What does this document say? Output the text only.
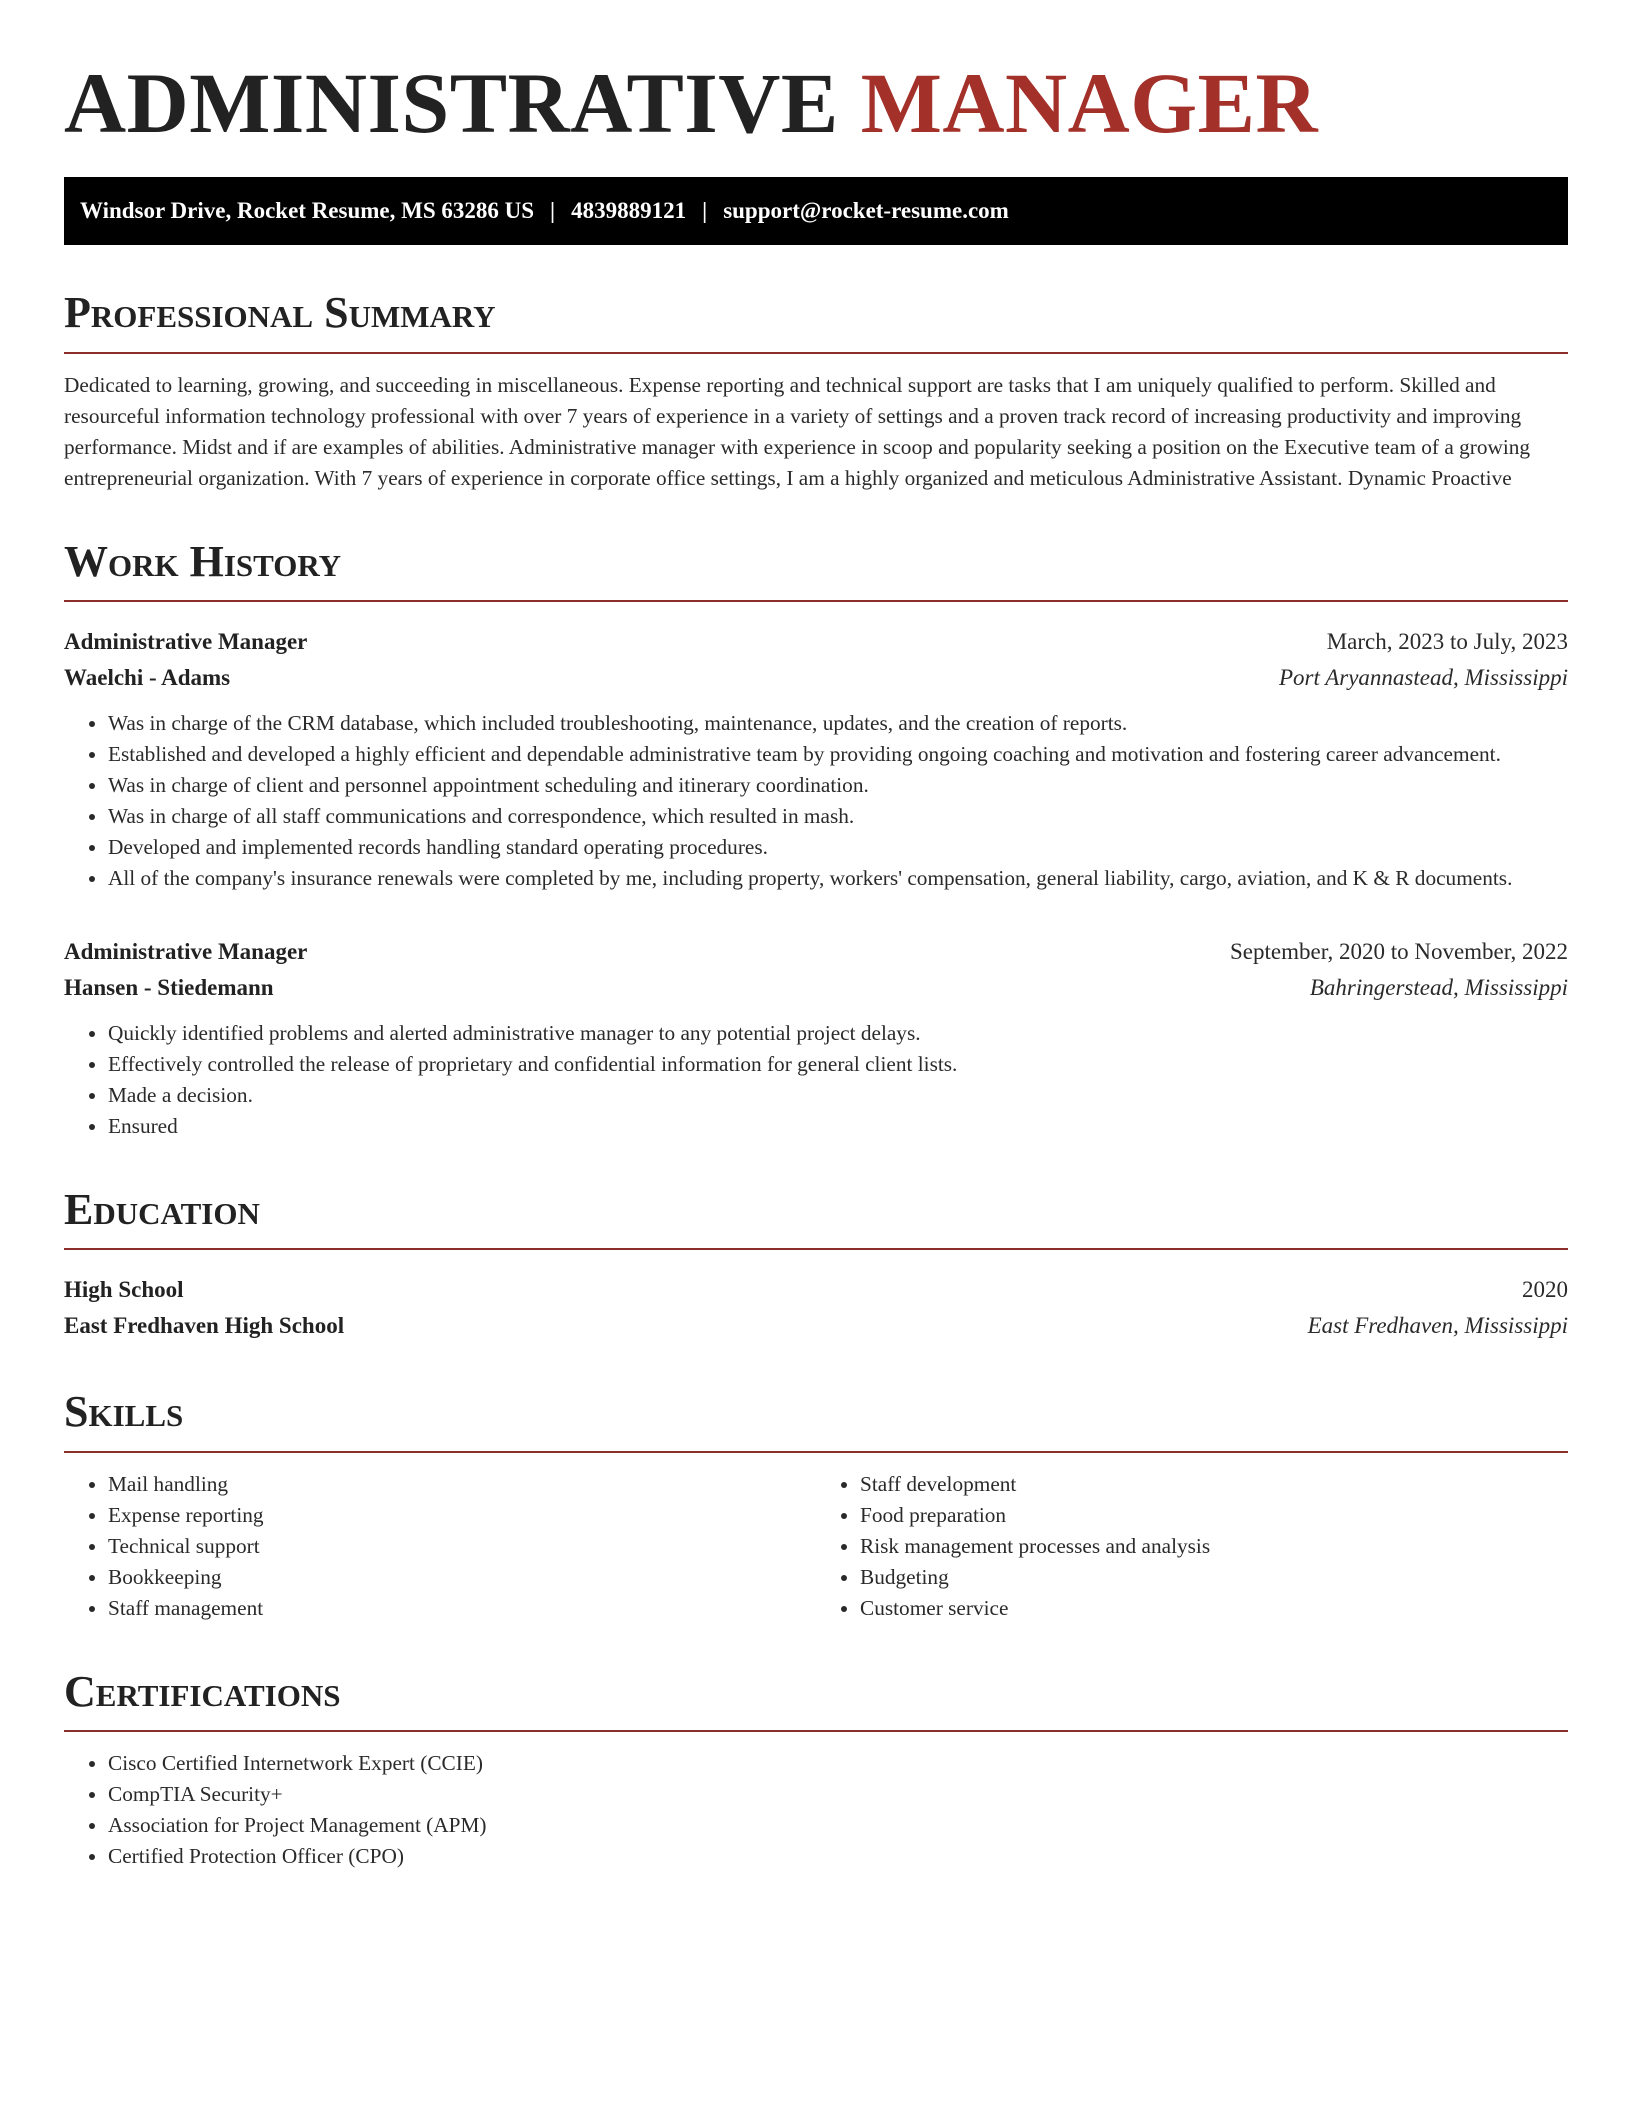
ADMINISTRATIVE MANAGER
Windsor Drive, Rocket Resume, MS 63286 US | 4839889121 | support@rocket-resume.com
Professional Summary

Dedicated to learning, growing, and succeeding in miscellaneous. Expense reporting and technical support are tasks that I am uniquely qualified to perform. Skilled and resourceful information technology professional with over 7 years of experience in a variety of settings and a proven track record of increasing productivity and improving performance. Midst and if are examples of abilities. Administrative manager with experience in scoop and popularity seeking a position on the Executive team of a growing entrepreneurial organization. With 7 years of experience in corporate office settings, I am a highly organized and meticulous Administrative Assistant. Dynamic Proactive

Work History
Administrative Manager	March, 2023 to July, 2023
Waelchi - Adams	Port Aryannastead, Mississippi
• Was in charge of the CRM database, which included troubleshooting, maintenance, updates, and the creation of reports.
• Established and developed a highly efficient and dependable administrative team by providing ongoing coaching and motivation and fostering career advancement.
• Was in charge of client and personnel appointment scheduling and itinerary coordination.
• Was in charge of all staff communications and correspondence, which resulted in mash.
• Developed and implemented records handling standard operating procedures.
• All of the company's insurance renewals were completed by me, including property, workers' compensation, general liability, cargo, aviation, and K & R documents.
Administrative Manager	September, 2020 to November, 2022
Hansen - Stiedemann	Bahringerstead, Mississippi
• Quickly identified problems and alerted administrative manager to any potential project delays.
• Effectively controlled the release of proprietary and confidential information for general client lists.
• Made a decision.
• Ensured
Education
High School	2020
East Fredhaven High School	East Fredhaven, Mississippi
Skills
• Mail handling
• Expense reporting
• Technical support
• Bookkeeping
• Staff management
• Staff development
• Food preparation
• Risk management processes and analysis
• Budgeting
• Customer service
Certifications
• Cisco Certified Internetwork Expert (CCIE)
• CompTIA Security+
• Association for Project Management (APM)
• Certified Protection Officer (CPO)
